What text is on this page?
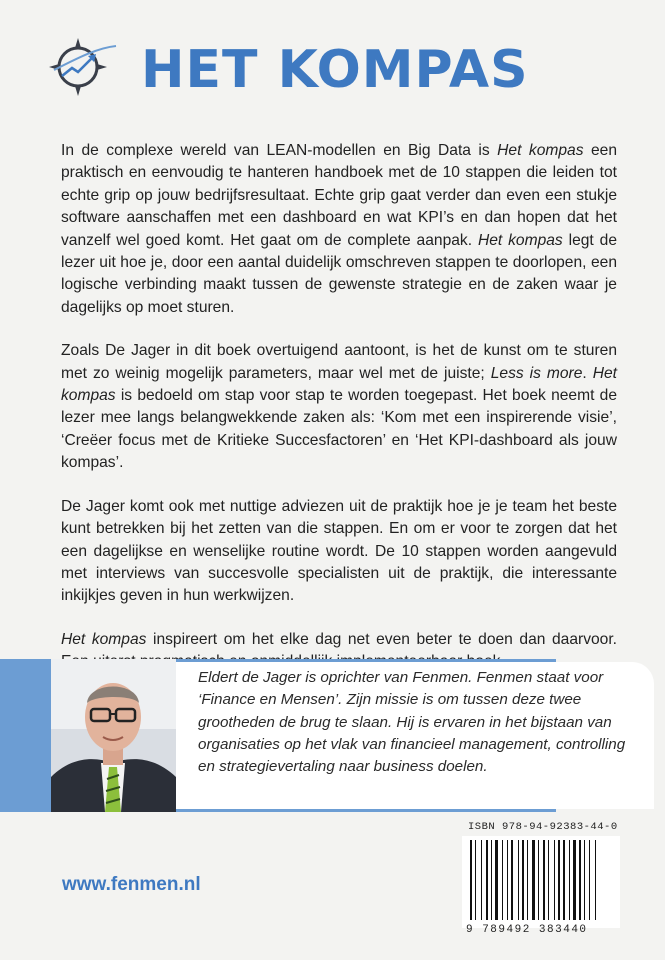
HET KOMPAS

In de complexe wereld van LEAN-modellen en Big Data is Het kompas een praktisch en eenvoudig te hanteren handboek met de 10 stappen die leiden tot echte grip op jouw bedrijfsresultaat. Echte grip gaat verder dan even een stukje software aanschaffen met een dashboard en wat KPI’s en dan hopen dat het vanzelf wel goed komt. Het gaat om de complete aanpak. Het kompas legt de lezer uit hoe je, door een aantal duidelijk omschreven stappen te doorlopen, een logische verbinding maakt tussen de gewenste strategie en de zaken waar je dagelijks op moet sturen.

Zoals De Jager in dit boek overtuigend aantoont, is het de kunst om te sturen met zo weinig mogelijk parameters, maar wel met de juiste; Less is more. Het kompas is bedoeld om stap voor stap te worden toegepast. Het boek neemt de lezer mee langs belangwekkende zaken als: ‘Kom met een inspirerende visie’, ‘Creëer focus met de Kritieke Succesfactoren’ en ‘Het KPI-dashboard als jouw kompas’.

De Jager komt ook met nuttige adviezen uit de praktijk hoe je je team het beste kunt betrekken bij het zetten van die stappen. En om er voor te zorgen dat het een dagelijkse en wenselijke routine wordt. De 10 stappen worden aangevuld met interviews van succesvolle specialisten uit de praktijk, die interessante inkijkjes geven in hun werkwijzen.

Het kompas inspireert om het elke dag net even beter te doen dan daarvoor.

Eldert de Jager is oprichter van Fenmen. Fenmen staat voor ‘Finance en Mensen’. Zijn missie is om tussen deze twee grootheden de brug te slaan. Hij is ervaren in het bijstaan van organisaties op het vlak van financieel management, controlling en strategievertaling naar business doelen.
www.fenmen.nl
ISBN 978-94-92383-44-0
9 789492 383440
